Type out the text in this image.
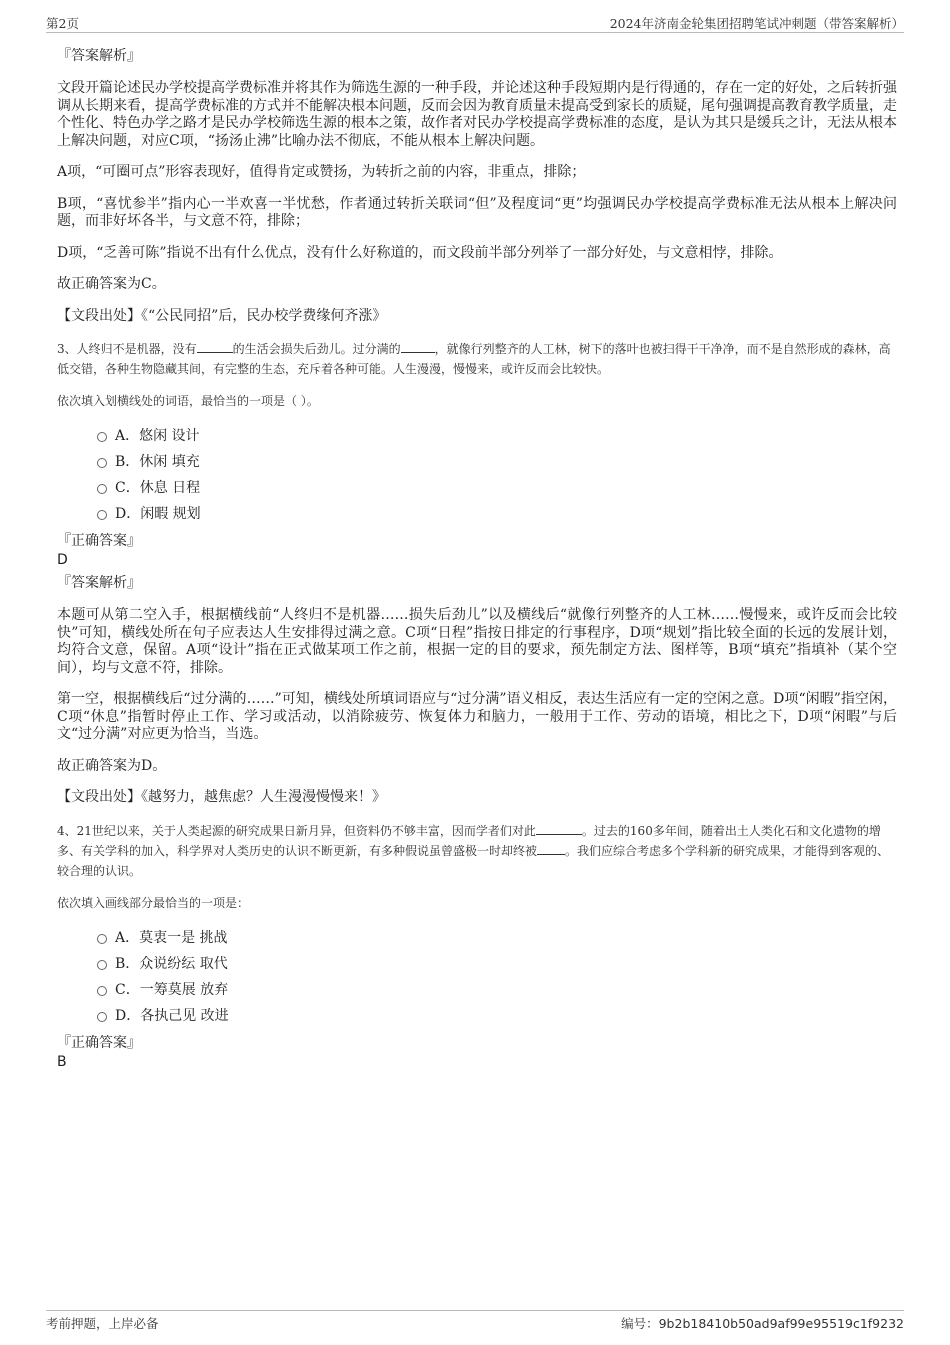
第2页	2024年济南金轮集团招聘笔试冲刺题（带答案解析）

『答案解析』

文段开篇论述民办学校提高学费标准并将其作为筛选生源的一种手段，并论述这种手段短期内是行得通的，存在一定的好处，之后转折强调从长期来看，提高学费标准的方式并不能解决根本问题，反而会因为教育质量未提高受到家长的质疑，尾句强调提高教育教学质量，走个性化、特色办学之路才是民办学校筛选生源的根本之策，故作者对民办学校提高学费标准的态度，是认为其只是缓兵之计，无法从根本上解决问题，对应C项，“扬汤止沸”比喻办法不彻底，不能从根本上解决问题。

A项，“可圈可点”形容表现好，值得肯定或赞扬，为转折之前的内容，非重点，排除；

B项，“喜忧参半”指内心一半欢喜一半忧愁，作者通过转折关联词“但”及程度词“更”均强调民办学校提高学费标准无法从根本上解决问题，而非好坏各半，与文意不符，排除；

D项，“乏善可陈”指说不出有什么优点，没有什么好称道的，而文段前半部分列举了一部分好处，与文意相悖，排除。

故正确答案为C。

【文段出处】《“公民同招”后，民办校学费缘何齐涨》

3、人终归不是机器，没有	的生活会损失后劲儿。过分满的	，就像行列整齐的人工林，树下的落叶也被扫得干干净净，而不是自然形成的森林，高低交错，各种生物隐藏其间，有完整的生态，充斥着各种可能。人生漫漫，慢慢来，或许反而会比较快。

依次填入划横线处的词语，最恰当的一项是（ ）。

A．悠闲 设计
B．休闲 填充
C．休息 日程
D．闲暇 规划

『正确答案』

D

『答案解析』

本题可从第二空入手，根据横线前“人终归不是机器……损失后劲儿”以及横线后“就像行列整齐的人工林……慢慢来，或许反而会比较快”可知，横线处所在句子应表达人生安排得过满之意。C项“日程”指按日排定的行事程序，D项“规划”指比较全面的长远的发展计划，均符合文意，保留。A项“设计”指在正式做某项工作之前，根据一定的目的要求，预先制定方法、图样等，B项“填充”指填补（某个空间），均与文意不符，排除。

第一空，根据横线后“过分满的……”可知，横线处所填词语应与“过分满”语义相反，表达生活应有一定的空闲之意。D项“闲暇”指空闲，C项“休息”指暂时停止工作、学习或活动，以消除疲劳、恢复体力和脑力，一般用于工作、劳动的语境，相比之下，D项“闲暇”与后文“过分满”对应更为恰当，当选。

故正确答案为D。

【文段出处】《越努力，越焦虑？人生漫漫慢慢来！》

4、21世纪以来，关于人类起源的研究成果日新月异，但资料仍不够丰富，因而学者们对此	。过去的160多年间，随着出土人类化石和文化遗物的增多、有关学科的加入，科学界对人类历史的认识不断更新，有多种假说虽曾盛极一时却终被 。我们应综合考虑多个学科新的研究成果，才能得到客观的、较合理的认识。

依次填入画线部分最恰当的一项是：

A．莫衷一是 挑战
B．众说纷纭 取代
C．一筹莫展 放弃
D．各执己见 改进

『正确答案』

B

考前押题，上岸必备	编号：9b2b18410b50ad9af99e95519c1f9232
